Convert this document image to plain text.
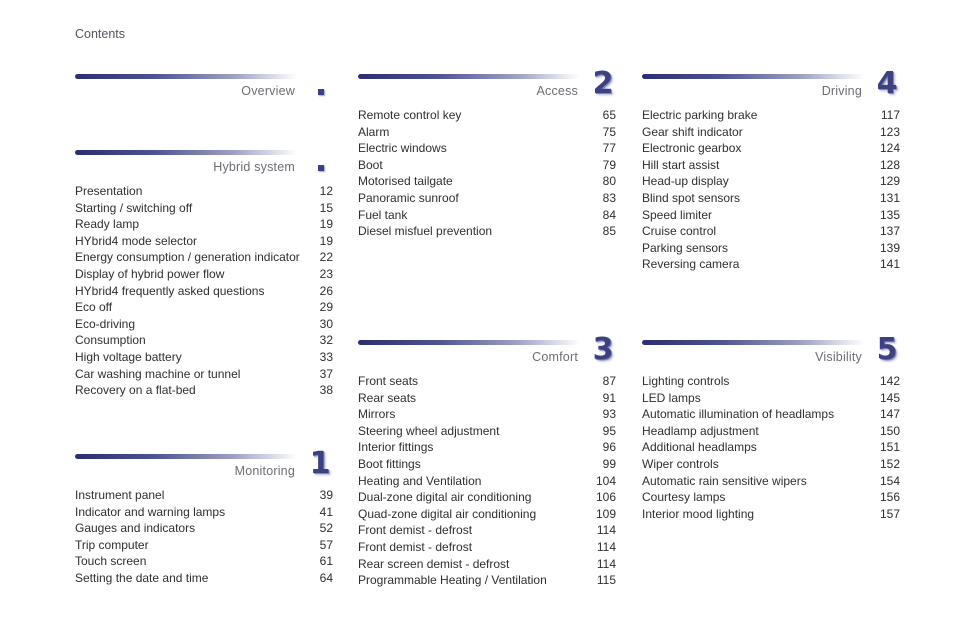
Contents
Overview
Hybrid system
Presentation	12
Starting / switching off	15
Ready lamp	19
HYbrid4 mode selector	19
Energy consumption / generation indicator	22
Display of hybrid power flow	23
HYbrid4 frequently asked questions	26
Eco off	29
Eco-driving	30
Consumption	32
High voltage battery	33
Car washing machine or tunnel	37
Recovery on a flat-bed	38
Monitoring 1
Instrument panel	39
Indicator and warning lamps	41
Gauges and indicators	52
Trip computer	57
Touch screen	61
Setting the date and time	64
Access 2
Remote control key	65
Alarm	75
Electric windows	77
Boot	79
Motorised tailgate	80
Panoramic sunroof	83
Fuel tank	84
Diesel misfuel prevention	85
Comfort 3
Front seats	87
Rear seats	91
Mirrors	93
Steering wheel adjustment	95
Interior fittings	96
Boot fittings	99
Heating and Ventilation	104
Dual-zone digital air conditioning	106
Quad-zone digital air conditioning	109
Front demist - defrost	114
Front demist - defrost	114
Rear screen demist - defrost	114
Programmable Heating / Ventilation	115
Driving 4
Electric parking brake	117
Gear shift indicator	123
Electronic gearbox	124
Hill start assist	128
Head-up display	129
Blind spot sensors	131
Speed limiter	135
Cruise control	137
Parking sensors	139
Reversing camera	141
Visibility 5
Lighting controls	142
LED lamps	145
Automatic illumination of headlamps	147
Headlamp adjustment	150
Additional headlamps	151
Wiper controls	152
Automatic rain sensitive wipers	154
Courtesy lamps	156
Interior mood lighting	157
